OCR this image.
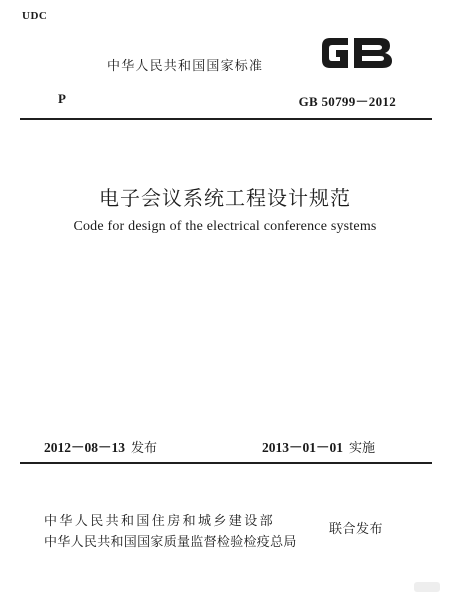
UDC
中华人民共和国国家标准
P	GB 50799－2012
电子会议系统工程设计规范
Code for design of the electrical conference systems
2012－08－13 发布	2013－01－01 实施
中华人民共和国住房和城乡建设部
中华人民共和国国家质量监督检验检疫总局
联合发布
